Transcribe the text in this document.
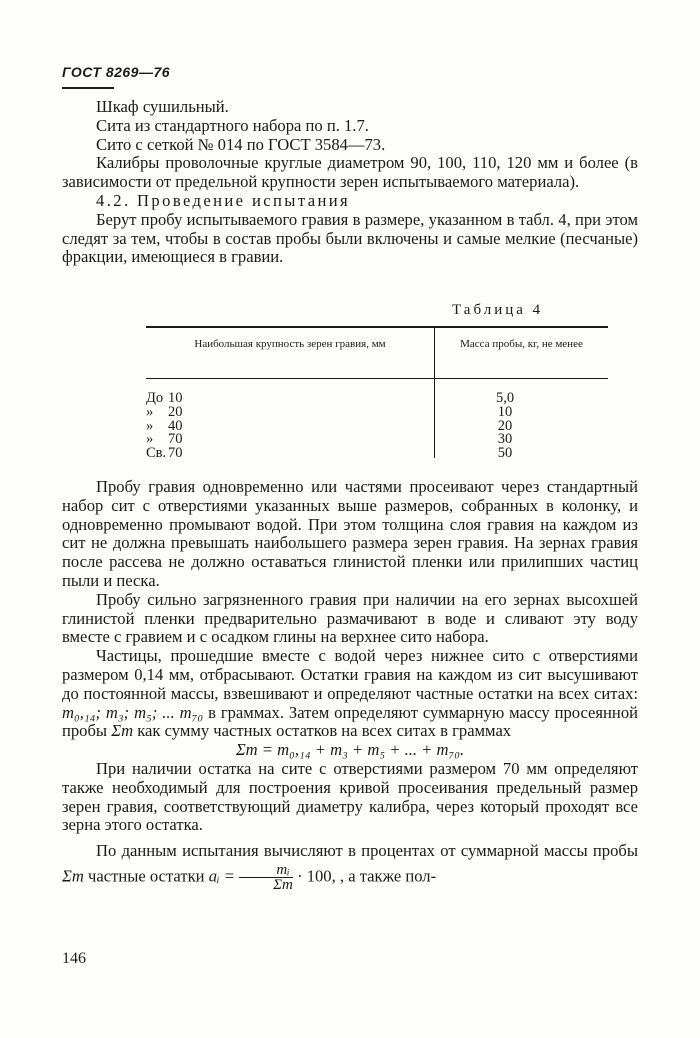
ГОСТ 8269—76

Шкаф сушильный.

Сита из стандартного набора по п. 1.7.

Сито с сеткой № 014 по ГОСТ 3584—73.

Калибры проволочные круглые диаметром 90, 100, 110, 120 мм и более (в зависимости от предельной крупности зерен испытываемого материала).

4.2. Проведение испытания

Берут пробу испытываемого гравия в размере, указанном в табл. 4, при этом следят за тем, чтобы в состав пробы были включены и самые мелкие (песчаные) фракции, имеющиеся в гравии.

Таблица 4
Наибольшая крупность зерен гравия, мм	Масса пробы, кг, не менее
До 10
» 20
» 40
» 70
Св. 70
5,0
10
20
30
50

Пробу гравия одновременно или частями просеивают через стандартный набор сит с отверстиями указанных выше размеров, собранных в колонку, и одновременно промывают водой. При этом толщина слоя гравия на каждом из сит не должна превышать наибольшего размера зерен гравия. На зернах гравия после рассева не должно оставаться глинистой пленки или прилипших частиц пыли и песка.

Пробу сильно загрязненного гравия при наличии на его зернах высохшей глинистой пленки предварительно размачивают в воде и сливают эту воду вместе с гравием и с осадком глины на верхнее сито набора.

Частицы, прошедшие вместе с водой через нижнее сито с отверстиями размером 0,14 мм, отбрасывают. Остатки гравия на каждом из сит высушивают до постоянной массы, взвешивают и определяют частные остатки на всех ситах: m₀,₁₄; m₃; m₅; ... m₇₀ в граммах. Затем определяют суммарную массу просеянной пробы Σm как сумму частных остатков на всех ситах в граммах

Σm = m₀,₁₄ + m₃ + m₅ + ... + m₇₀.

При наличии остатка на сите с отверстиями размером 70 мм определяют также необходимый для построения кривой просеивания предельный размер зерен гравия, соответствующий диаметру калибра, через который проходят все зерна этого остатка.

По данным испытания вычисляют в процентах от суммарной массы пробы Σm частные остатки aᵢ = $\frac{\text{mᵢ}}{\Sigma m} \cdot 100$, , а также пол-

146
